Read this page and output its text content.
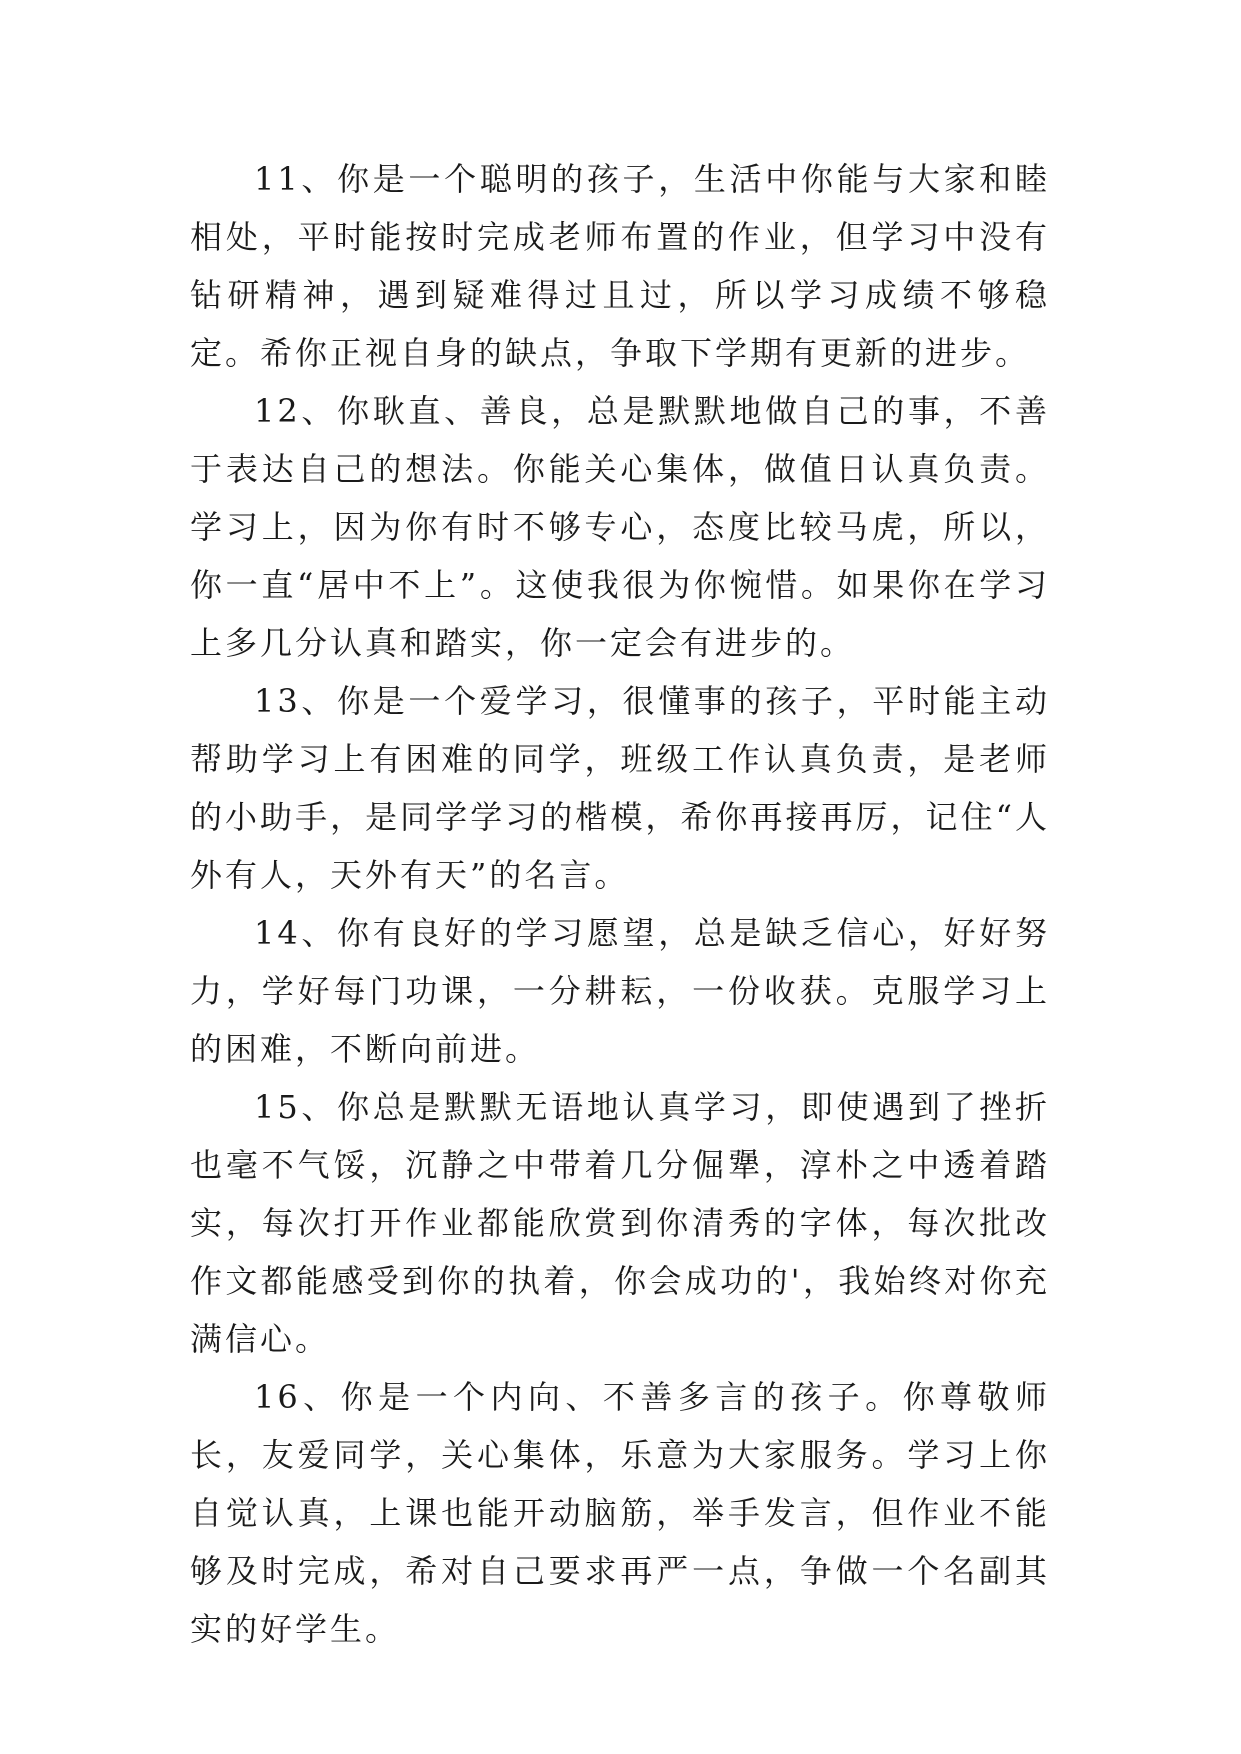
11、你是一个聪明的孩子，生活中你能与大家和睦相处，平时能按时完成老师布置的作业，但学习中没有钻研精神，遇到疑难得过且过，所以学习成绩不够稳定。希你正视自身的缺点，争取下学期有更新的进步。

12、你耿直、善良，总是默默地做自己的事，不善于表达自己的想法。你能关心集体，做值日认真负责。学习上，因为你有时不够专心，态度比较马虎，所以，你一直“居中不上”。这使我很为你惋惜。如果你在学习上多几分认真和踏实，你一定会有进步的。

13、你是一个爱学习，很懂事的孩子，平时能主动帮助学习上有困难的同学，班级工作认真负责，是老师的小助手，是同学学习的楷模，希你再接再厉，记住“人外有人，天外有天”的名言。

14、你有良好的学习愿望，总是缺乏信心，好好努力，学好每门功课，一分耕耘，一份收获。克服学习上的困难，不断向前进。

15、你总是默默无语地认真学习，即使遇到了挫折也毫不气馁，沉静之中带着几分倔犟，淳朴之中透着踏实，每次打开作业都能欣赏到你清秀的字体，每次批改作文都能感受到你的执着，你会成功的'，我始终对你充满信心。

16、你是一个内向、不善多言的孩子。你尊敬师长，友爱同学，关心集体，乐意为大家服务。学习上你自觉认真，上课也能开动脑筋，举手发言，但作业不能够及时完成，希对自己要求再严一点，争做一个名副其实的好学生。
